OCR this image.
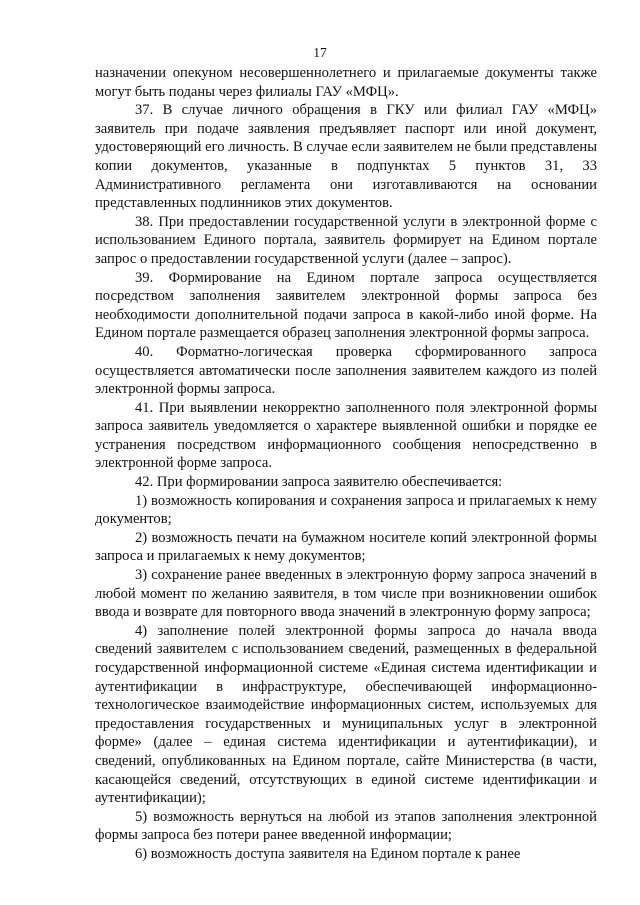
17

назначении опекуном несовершеннолетнего и прилагаемые документы также могут быть поданы через филиалы ГАУ «МФЦ».

37. В случае личного обращения в ГКУ или филиал ГАУ «МФЦ» заявитель при подаче заявления предъявляет паспорт или иной документ, удостоверяющий его личность. В случае если заявителем не были представлены копии документов, указанные в подпунктах 5 пунктов 31, 33 Административного регламента они изготавливаются на основании представленных подлинников этих документов.

38. При предоставлении государственной услуги в электронной форме с использованием Единого портала, заявитель формирует на Едином портале запрос о предоставлении государственной услуги (далее – запрос).

39. Формирование на Едином портале запроса осуществляется посредством заполнения заявителем электронной формы запроса без необходимости дополнительной подачи запроса в какой-либо иной форме. На Едином портале размещается образец заполнения электронной формы запроса.

40. Форматно-логическая проверка сформированного запроса осуществляется автоматически после заполнения заявителем каждого из полей электронной формы запроса.

41. При выявлении некорректно заполненного поля электронной формы запроса заявитель уведомляется о характере выявленной ошибки и порядке ее устранения посредством информационного сообщения непосредственно в электронной форме запроса.

42. При формировании запроса заявителю обеспечивается:

1) возможность копирования и сохранения запроса и прилагаемых к нему документов;

2) возможность печати на бумажном носителе копий электронной формы запроса и прилагаемых к нему документов;

3) сохранение ранее введенных в электронную форму запроса значений в любой момент по желанию заявителя, в том числе при возникновении ошибок ввода и возврате для повторного ввода значений в электронную форму запроса;

4) заполнение полей электронной формы запроса до начала ввода сведений заявителем с использованием сведений, размещенных в федеральной государственной информационной системе «Единая система идентификации и аутентификации в инфраструктуре, обеспечивающей информационно-технологическое взаимодействие информационных систем, используемых для предоставления государственных и муниципальных услуг в электронной форме» (далее – единая система идентификации и аутентификации), и сведений, опубликованных на Едином портале, сайте Министерства (в части, касающейся сведений, отсутствующих в единой системе идентификации и аутентификации);

5) возможность вернуться на любой из этапов заполнения электронной формы запроса без потери ранее введенной информации;

6) возможность доступа заявителя на Едином портале к ранее
